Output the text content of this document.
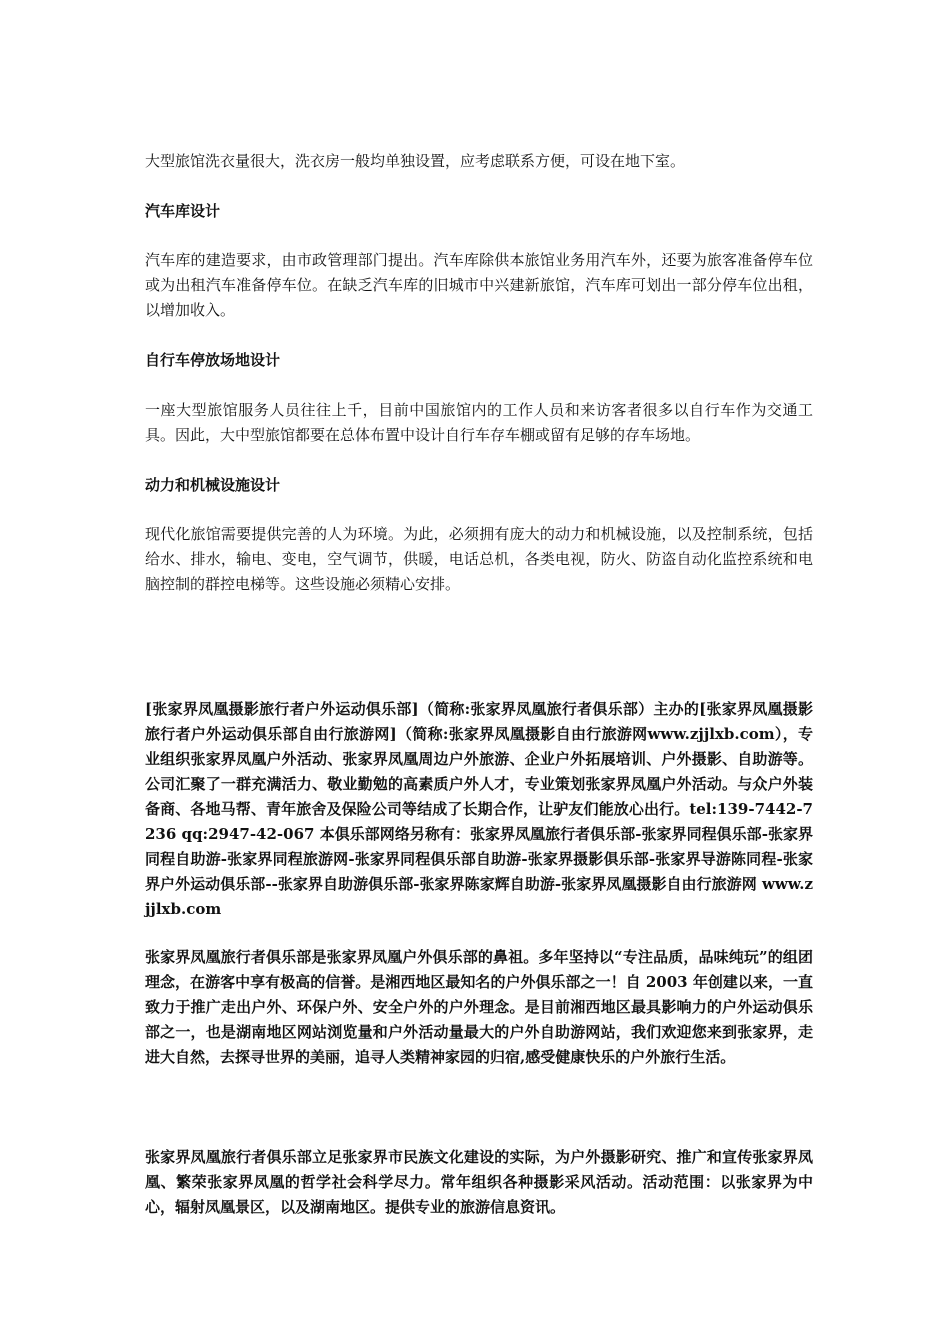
大型旅馆洗衣量很大，洗衣房一般均单独设置，应考虑联系方便，可设在地下室。

汽车库设计

汽车库的建造要求，由市政管理部门提出。汽车库除供本旅馆业务用汽车外，还要为旅客准备停车位或为出租汽车准备停车位。在缺乏汽车库的旧城市中兴建新旅馆，汽车库可划出一部分停车位出租，以增加收入。

自行车停放场地设计

一座大型旅馆服务人员往往上千，目前中国旅馆内的工作人员和来访客者很多以自行车作为交通工具。因此，大中型旅馆都要在总体布置中设计自行车存车棚或留有足够的存车场地。

动力和机械设施设计

现代化旅馆需要提供完善的人为环境。为此，必须拥有庞大的动力和机械设施，以及控制系统，包括给水、排水，输电、变电，空气调节，供暖，电话总机，各类电视，防火、防盗自动化监控系统和电脑控制的群控电梯等。这些设施必须精心安排。

[张家界凤凰摄影旅行者户外运动俱乐部]（简称:张家界凤凰旅行者俱乐部）主办的[张家界凤凰摄影旅行者户外运动俱乐部自由行旅游网]（简称:张家界凤凰摄影自由行旅游网www.zjjlxb.com），专业组织张家界凤凰户外活动、张家界凤凰周边户外旅游、企业户外拓展培训、户外摄影、自助游等。公司汇聚了一群充满活力、敬业勤勉的高素质户外人才，专业策划张家界凤凰户外活动。与众户外装备商、各地马帮、青年旅舍及保险公司等结成了长期合作，让驴友们能放心出行。tel:139-7442-7236 qq:2947-42-067 本俱乐部网络另称有：张家界凤凰旅行者俱乐部-张家界同程俱乐部-张家界同程自助游-张家界同程旅游网-张家界同程俱乐部自助游-张家界摄影俱乐部-张家界导游陈同程-张家界户外运动俱乐部--张家界自助游俱乐部-张家界陈家辉自助游-张家界凤凰摄影自由行旅游网 www.zjjlxb.com

张家界凤凰旅行者俱乐部是张家界凤凰户外俱乐部的鼻祖。多年坚持以“专注品质，品味纯玩”的组团理念，在游客中享有极高的信誉。是湘西地区最知名的户外俱乐部之一！自 2003 年创建以来，一直致力于推广走出户外、环保户外、安全户外的户外理念。是目前湘西地区最具影响力的户外运动俱乐部之一，也是湖南地区网站浏览量和户外活动量最大的户外自助游网站，我们欢迎您来到张家界，走进大自然，去探寻世界的美丽，追寻人类精神家园的归宿,感受健康快乐的户外旅行生活。

张家界凤凰旅行者俱乐部立足张家界市民族文化建设的实际，为户外摄影研究、推广和宣传张家界凤凰、繁荣张家界凤凰的哲学社会科学尽力。常年组织各种摄影采风活动。活动范围：以张家界为中心，辐射凤凰景区，以及湖南地区。提供专业的旅游信息资讯。
